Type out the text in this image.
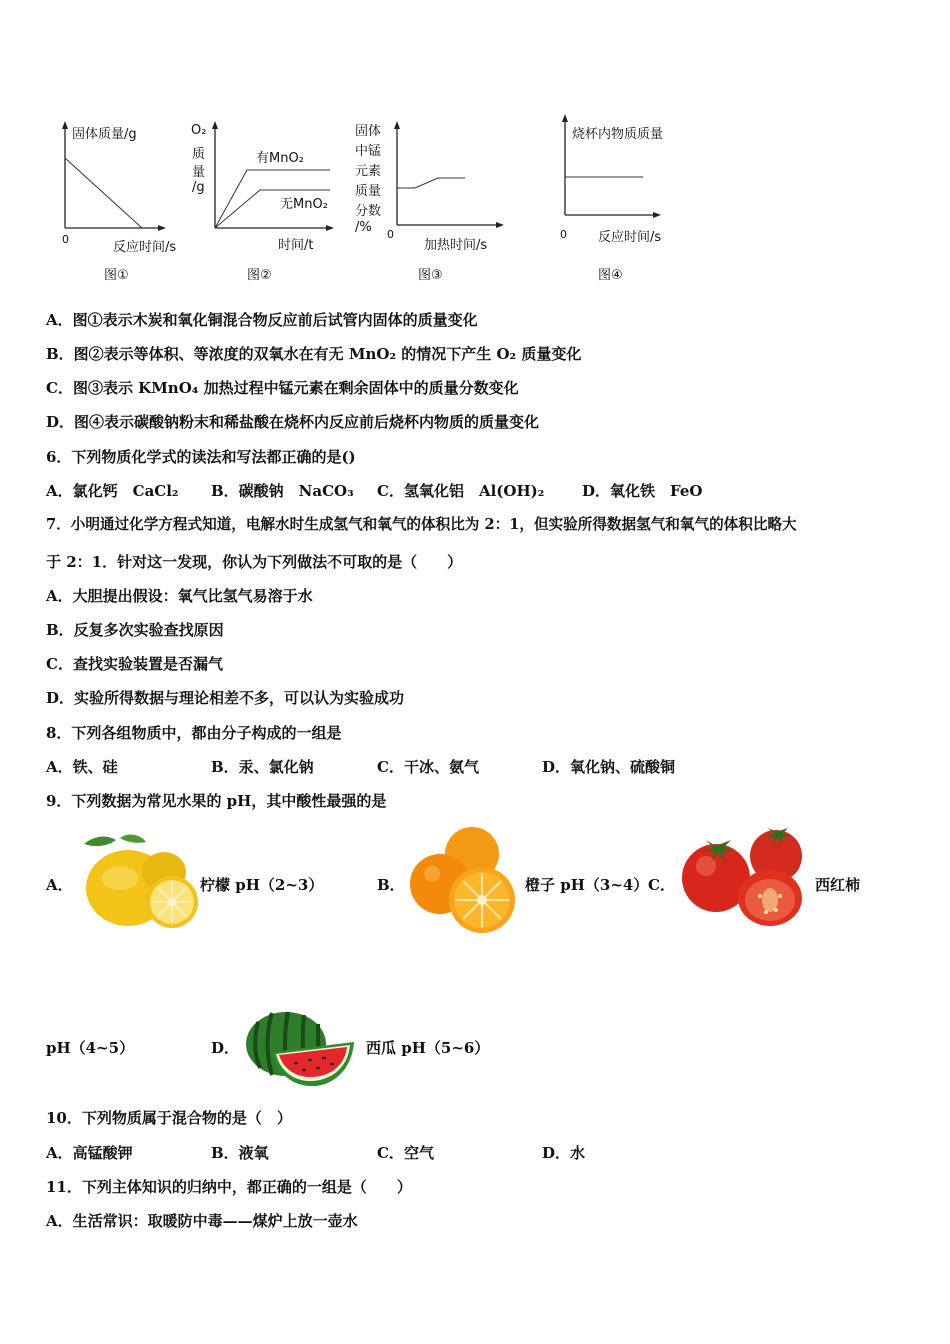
固体质量/g
0
反应时间/s
图①
O₂
质
量
/g
有MnO₂
无MnO₂
时间/t
图②
固体
中锰
元素
质量
分数
/% 0
加热时间/s
图③
烧杯内物质质量
0 反应时间/s
图④
A．图①表示木炭和氧化铜混合物反应前后试管内固体的质量变化
B．图②表示等体积、等浓度的双氧水在有无 MnO₂ 的情况下产生 O₂ 质量变化
C．图③表示 KMnO₄ 加热过程中锰元素在剩余固体中的质量分数变化
D．图④表示碳酸钠粉末和稀盐酸在烧杯内反应前后烧杯内物质的质量变化
6．下列物质化学式的读法和写法都正确的是()
A．氯化钙　CaCl₂ B．碳酸钠　NaCO₃ C．氢氧化铝　Al(OH)₂	D．氧化铁　FeO
7．小明通过化学方程式知道，电解水时生成氢气和氧气的体积比为 2：1，但实验所得数据氢气和氧气的体积比略大
于 2：1．针对这一发现，你认为下列做法不可取的是（　　）
A．大胆提出假设：氧气比氢气易溶于水
B．反复多次实验查找原因
C．查找实验装置是否漏气
D．实验所得数据与理论相差不多，可以认为实验成功
8．下列各组物质中，都由分子构成的一组是
A．铁、硅	B．汞、氯化钠	C．干冰、氨气	D．氧化钠、硫酸铜
9．下列数据为常见水果的 pH，其中酸性最强的是
A．	柠檬 pH（2~3）	B．	橙子 pH（3~4） C．	西红柿
pH（4~5）	D．	西瓜 pH（5~6）
10．下列物质属于混合物的是（　）
A．高锰酸钾	B．液氧	C．空气	D．水
11．下列主体知识的归纳中，都正确的一组是（　　）
A．生活常识：取暖防中毒——煤炉上放一壶水
